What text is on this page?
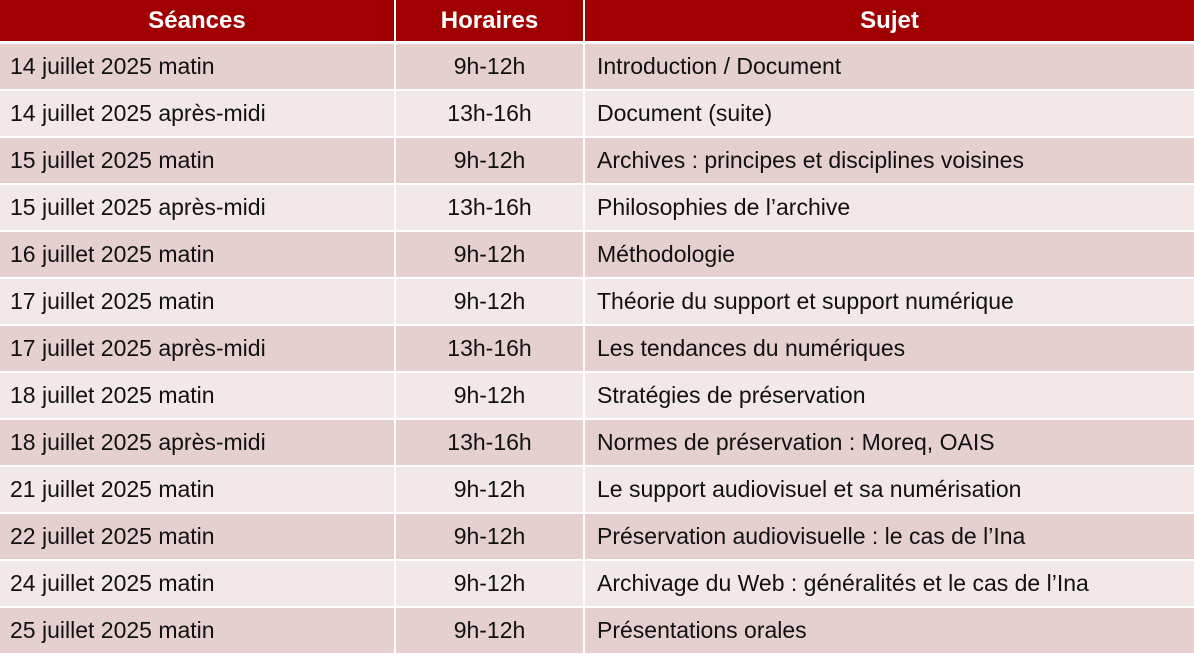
Séances	Horaires	Sujet
14 juillet 2025 matin	9h-12h	Introduction / Document
14 juillet 2025 après-midi	13h-16h	Document (suite)
15 juillet 2025 matin	9h-12h	Archives : principes et disciplines voisines
15 juillet 2025 après-midi	13h-16h	Philosophies de l’archive
16 juillet 2025 matin	9h-12h	Méthodologie
17 juillet 2025 matin	9h-12h	Théorie du support et support numérique
17 juillet 2025 après-midi	13h-16h	Les tendances du numériques
18 juillet 2025 matin	9h-12h	Stratégies de préservation
18 juillet 2025 après-midi	13h-16h	Normes de préservation : Moreq, OAIS
21 juillet 2025 matin	9h-12h	Le support audiovisuel et sa numérisation
22 juillet 2025 matin	9h-12h	Préservation audiovisuelle : le cas de l’Ina
24 juillet 2025 matin	9h-12h	Archivage du Web : généralités et le cas de l’Ina
25 juillet 2025 matin	9h-12h	Présentations orales
